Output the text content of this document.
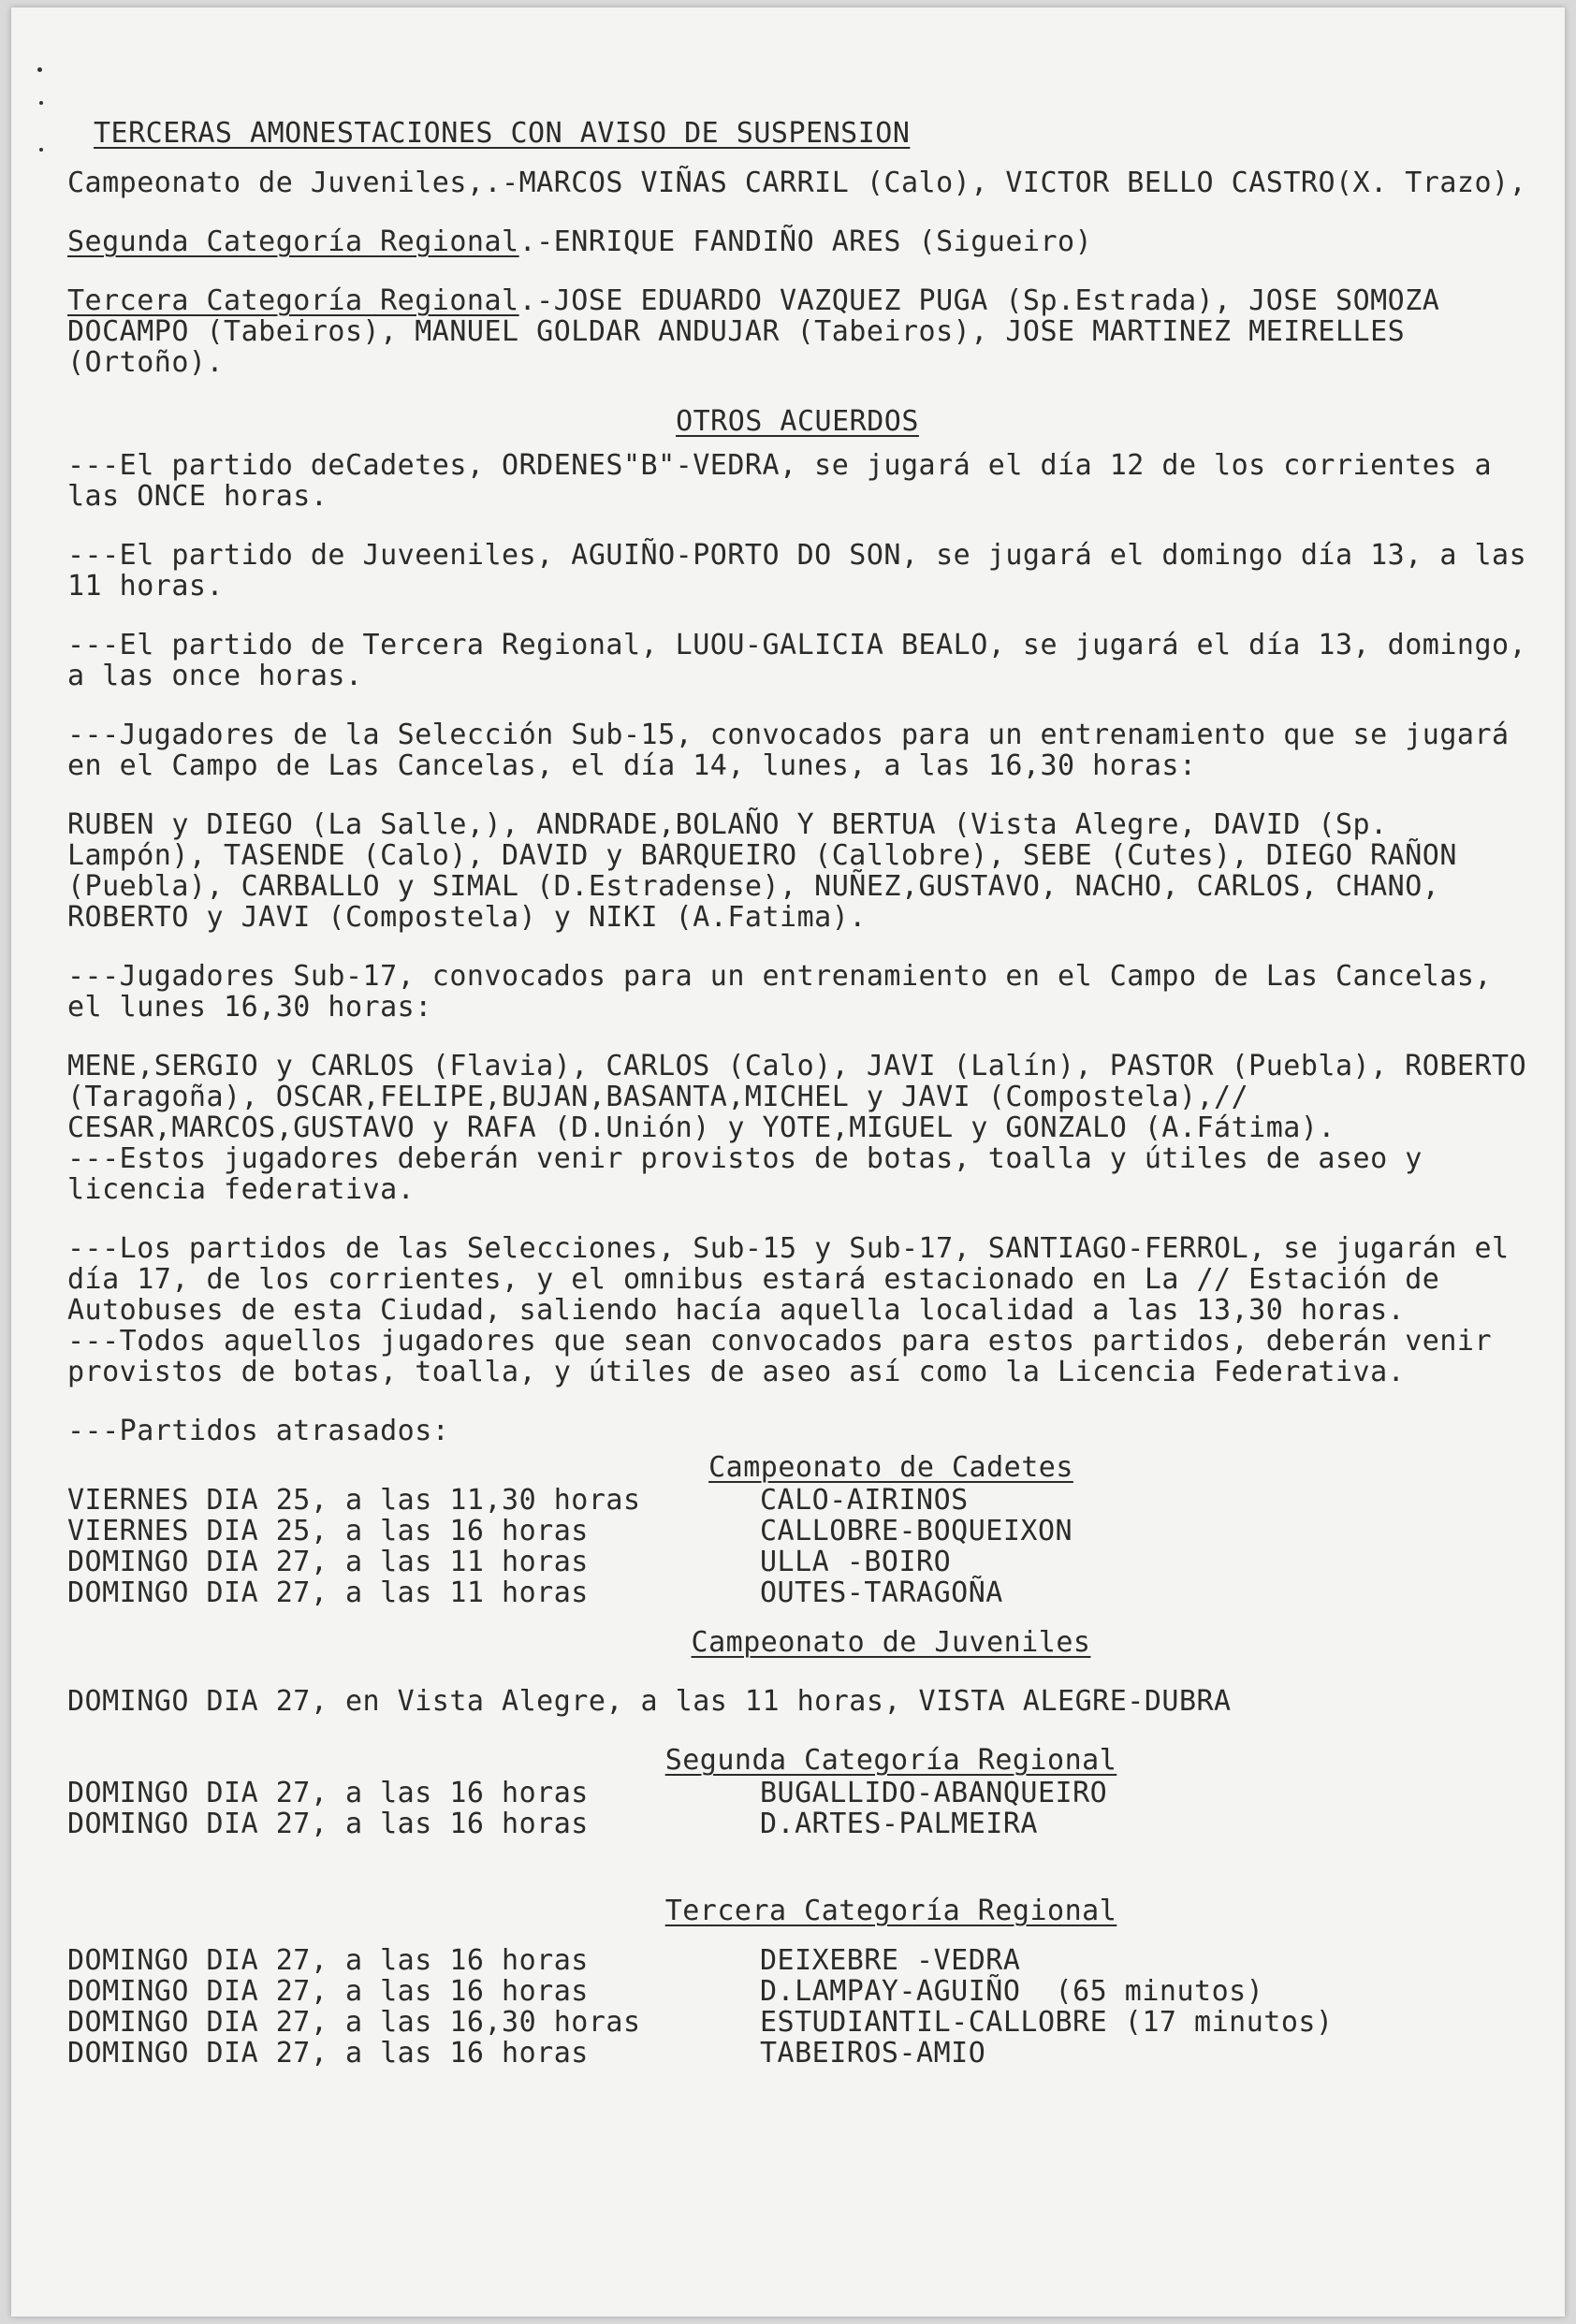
TERCERAS AMONESTACIONES CON AVISO DE SUSPENSION
Campeonato de Juveniles,.-MARCOS VIÑAS CARRIL (Calo), VICTOR BELLO CASTRO(X. Trazo),
Segunda Categoría Regional.-ENRIQUE FANDIÑO ARES (Sigueiro)
Tercera Categoría Regional.-JOSE EDUARDO VAZQUEZ PUGA (Sp.Estrada), JOSE SOMOZA DOCAMPO (Tabeiros), MANUEL GOLDAR ANDUJAR (Tabeiros), JOSE MARTINEZ MEIRELLES (Ortoño).
OTROS ACUERDOS
---El partido deCadetes, ORDENES"B"-VEDRA, se jugará el día 12 de los corrientes a las ONCE horas.
---El partido de Juveeniles, AGUIÑO-PORTO DO SON, se jugará el domingo día 13, a las 11 horas.
---El partido de Tercera Regional, LUOU-GALICIA BEALO, se jugará el día 13, domingo, a las once horas.
---Jugadores de la Selección Sub-15, convocados para un entrenamiento que se jugará en el Campo de Las Cancelas, el día 14, lunes, a las 16,30 horas:
RUBEN y DIEGO (La Salle,), ANDRADE,BOLAÑO Y BERTUA (Vista Alegre, DAVID (Sp. Lampón), TASENDE (Calo), DAVID y BARQUEIRO (Callobre), SEBE (Cutes), DIEGO RAÑON (Puebla), CARBALLO y SIMAL (D.Estradense), NUÑEZ,GUSTAVO, NACHO, CARLOS, CHANO, ROBERTO y JAVI (Compostela) y NIKI (A.Fatima).
---Jugadores Sub-17, convocados para un entrenamiento en el Campo de Las Cancelas, el lunes 16,30 horas:
MENE,SERGIO y CARLOS (Flavia), CARLOS (Calo), JAVI (Lalín), PASTOR (Puebla), ROBERTO (Taragoña), OSCAR,FELIPE,BUJAN,BASANTA,MICHEL y JAVI (Compostela),// CESAR,MARCOS,GUSTAVO y RAFA (D.Unión) y YOTE,MIGUEL y GONZALO (A.Fátima).
---Estos jugadores deberán venir provistos de botas, toalla y útiles de aseo y licencia federativa.
---Los partidos de las Selecciones, Sub-15 y Sub-17, SANTIAGO-FERROL, se jugarán el día 17, de los corrientes, y el omnibus estará estacionado en La // Estación de Autobuses de esta Ciudad, saliendo hacía aquella localidad a las 13,30 horas.
---Todos aquellos jugadores que sean convocados para estos partidos, deberán venir provistos de botas, toalla, y útiles de aseo así como la Licencia Federativa.
---Partidos atrasados:
Campeonato de Cadetes
VIERNES DIA 25, a las 11,30 horas	CALO-AIRINOS
VIERNES DIA 25, a las 16 horas	CALLOBRE-BOQUEIXON
DOMINGO DIA 27, a las 11 horas	ULLA -BOIRO
DOMINGO DIA 27, a las 11 horas	OUTES-TARAGOÑA
Campeonato de Juveniles
DOMINGO DIA 27, en Vista Alegre, a las 11 horas, VISTA ALEGRE-DUBRA
Segunda Categoría Regional
DOMINGO DIA 27, a las 16 horas	BUGALLIDO-ABANQUEIRO
DOMINGO DIA 27, a las 16 horas	D.ARTES-PALMEIRA
Tercera Categoría Regional
DOMINGO DIA 27, a las 16 horas	DEIXEBRE -VEDRA
DOMINGO DIA 27, a las 16 horas	D.LAMPAY-AGUIÑO  (65 minutos)
DOMINGO DIA 27, a las 16,30 horas	ESTUDIANTIL-CALLOBRE (17 minutos)
DOMINGO DIA 27, a las 16 horas	TABEIROS-AMIO
